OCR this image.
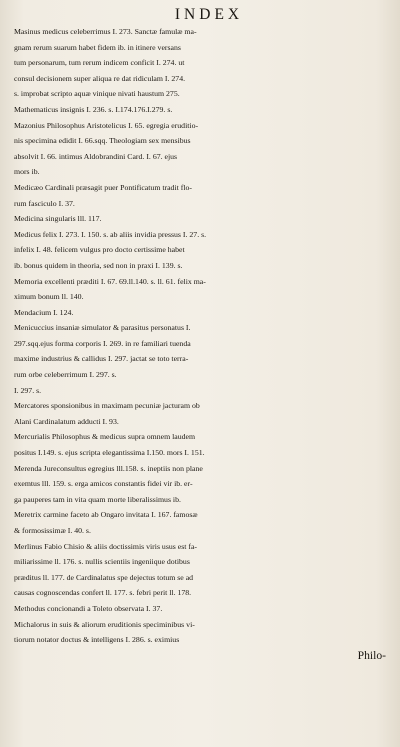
INDEX
Masinus medicus celeberrimus I. 273. Sanctæ famulæ ma-
gnam rerum suarum habet fidem ib. in itinere versans
tum personarum, tum rerum indicem conficit I. 274. ut
consul decisionem super aliqua re dat ridiculam I. 274.
s. improbat scripto aquæ vinique nivati haustum 275.
Mathematicus insignis I. 236. s. I.174.176.I.279. s.
Mazonius Philosophus Aristotelicus I. 65. egregia eruditio-
nis specimina edidit I. 66.sqq. Theologiam sex mensibus
absolvit I. 66. intimus Aldobrandini Card. I. 67. ejus
mors ib.
Medicæo Cardinali præsagit puer Pontificatum tradit flo-
rum fasciculo I. 37.
Medicina singularis lll. 117.
Medicus felix I. 273. I. 150. s. ab aliis invidia pressus I. 27. s.
infelix I. 48. felicem vulgus pro docto certissime habet
ib. bonus quidem in theoria, sed non in praxi I. 139. s.
Memoria excellenti præditi I. 67. 69.ll.140. s. ll. 61. felix ma-
ximum bonum ll. 140.
Mendacium I. 124.
Menicuccius insaniæ simulator & parasitus personatus I.
297.sqq.ejus forma corporis I. 269. in re familiari tuenda
maxime industrius & callidus I. 297. jactat se toto terra-
rum orbe celeberrimum I. 297. s.
I. 297. s.
Mercatores sponsionibus in maximam pecuniæ jacturam ob
Alani Cardinalatum adducti I. 93.
Mercurialis Philosophus & medicus supra omnem laudem
positus I.149. s. ejus scripta elegantissima I.150. mors I. 151.
Merenda Jureconsultus egregius lll.158. s. ineptiis non plane
exemtus lll. 159. s. erga amicos constantis fidei vir ib. er-
ga pauperes tam in vita quam morte liberalissimus ib.
Meretrix carmine faceto ab Ongaro invitata I. 167. famosæ
& formosissimæ I. 40. s.
Merlinus Fabio Chisio & aliis doctissimis viris usus est fa-
miliarissime ll. 176. s. nullis scientiis ingeniique dotibus
præditus ll. 177. de Cardinalatus spe dejectus totum se ad
causas cognoscendas confert ll. 177. s. febri perit ll. 178.
Methodus concionandi a Toleto observata I. 37.
Michalorus in suis & aliorum eruditionis speciminibus vi-
tiorum notator doctus & intelligens I. 286. s. eximius
Philo-
